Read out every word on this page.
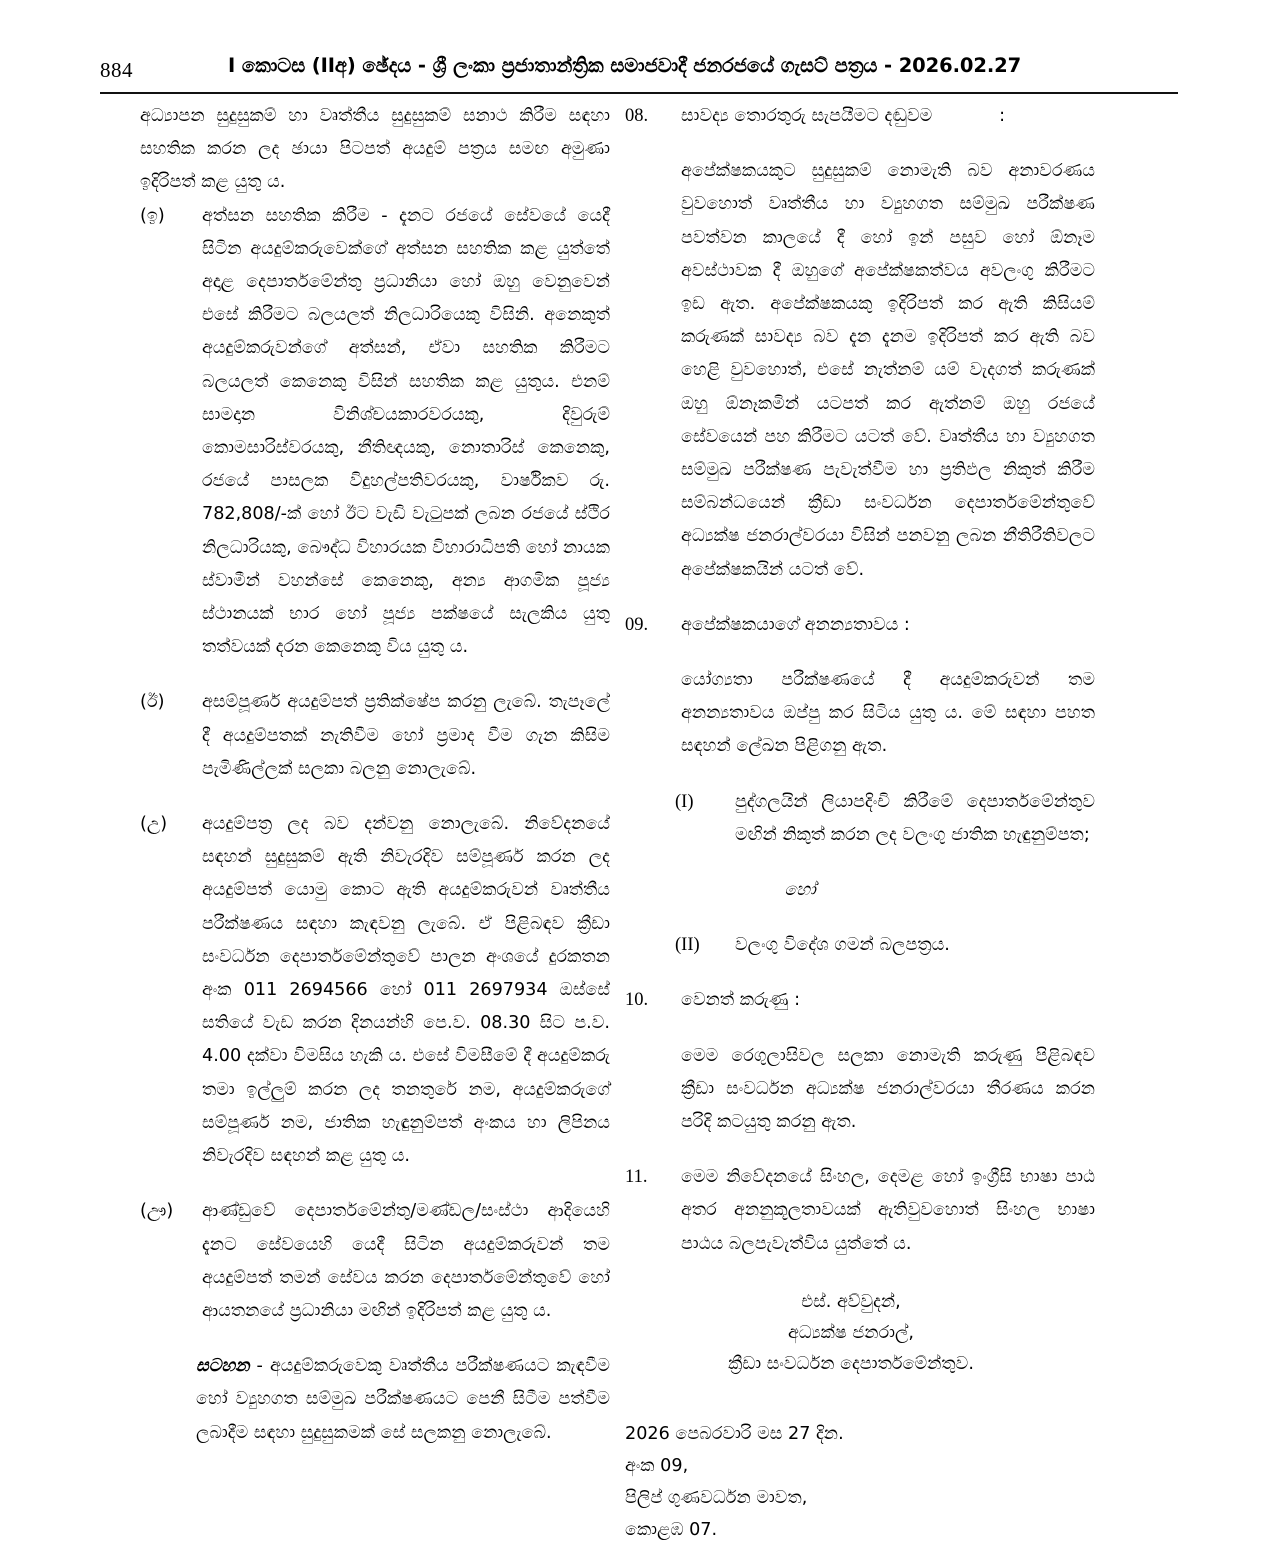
884	I කොටස (IIඅ) ඡේදය - ශ්‍රී ලංකා ප්‍රජාතාන්ත්‍රික සමාජවාදී ජනරජයේ ගැසට් පත්‍රය - 2026.02.27

අධ්‍යාපන සුදුසුකම් හා වෘත්තීය සුදුසුකම් සනාථ කිරීම සඳහා සහතික කරන ලද ඡායා පිටපත් අයදුම් පත්‍රය සමඟ අමුණා ඉදිරිපත් කළ යුතු ය.

(ඉ)	අත්සන සහතික කිරීම - දැනට රජයේ සේවයේ යෙදී සිටින අයදුම්කරුවෙක්ගේ අත්සන සහතික කළ යුත්තේ අදාළ දෙපාර්තමේන්තු ප්‍රධානියා හෝ ඔහු වෙනුවෙන් එසේ කිරීමට බලයලත් නිලධාරියෙකු විසිනි. අනෙකුත් අයදුම්කරුවන්ගේ අත්සන්, ඒවා සහතික කිරීමට බලයලත් කෙනෙකු විසින් සහතික කළ යුතුය. එනම් සාමදාන විනිශ්චයකාරවරයකු, දිවුරුම් කොමසාරිස්වරයකු, නීතිඥයකු, නොතාරිස් කෙනෙකු, රජයේ පාසලක විදුහල්පතිවරයකු, වාර්ෂිකව රු. 782,808/-ක් හෝ ඊට වැඩි වැටුපක් ලබන රජයේ ස්ථිර නිලධාරියකු, බෞද්ධ විහාරයක විහාරාධිපති හෝ නායක ස්වාමීන් වහන්සේ කෙනෙකු, අන්‍ය ආගමික පූජ්‍ය ස්ථානයක් භාර හෝ පූජ්‍ය පක්ෂයේ සැලකිය යුතු තත්වයක් දරන කෙනෙකු විය යුතු ය.
(ඊ)	අසම්පූර්ණ අයදුම්පත් ප්‍රතික්ෂේප කරනු ලැබේ. තැපෑලේ දී අයදුම්පතක් නැතිවීම හෝ ප්‍රමාද වීම ගැන කිසිම පැමිණිල්ලක් සලකා බලනු නොලැබේ.
(උ)	අයදුම්පත්‍ර ලද බව දන්වනු නොලැබේ. නිවේදනයේ සඳහන් සුදුසුකම් ඇති නිවැරදිව සම්පූර්ණ කරන ලද අයදුම්පත් යොමු කොට ඇති අයදුම්කරුවන් වෘත්තීය පරීක්ෂණය සඳහා කැඳවනු ලැබේ. ඒ පිළිබඳව ක්‍රීඩා සංවර්ධන දෙපාර්තමේන්තුවේ පාලන අංශයේ දුරකතන අංක 011 2694566 හෝ 011 2697934 ඔස්සේ සතියේ වැඩ කරන දිනයන්හි පෙ.ව. 08.30 සිට ප.ව. 4.00 දක්වා විමසිය හැකි ය. එසේ විමසීමේ දී අයදුම්කරු තමා ඉල්ලුම් කරන ලද තනතුරේ නම, අයදුම්කරුගේ සම්පූර්ණ නම, ජාතික හැඳුනුම්පත් අංකය හා ලිපිනය නිවැරදිව සඳහන් කළ යුතු ය.
(ඌ)	ආණ්ඩුවේ දෙපාර්තමේන්තු/මණ්ඩල/සංස්ථා ආදියෙහි දැනට සේවයෙහි යෙදී සිටින අයදුම්කරුවන් තම අයදුම්පත් තමන් සේවය කරන දෙපාර්තමේන්තුවේ හෝ ආයතනයේ ප්‍රධානියා මඟින් ඉදිරිපත් කළ යුතු ය.

සටහන - අයදුම්කරුවෙකු වෘත්තීය පරීක්ෂණයට කැඳවීම හෝ ව්‍යුහගත සම්මුඛ පරීක්ෂණයට පෙනී සිටීම පත්වීම ලබාදීම සඳහා සුදුසුකමක් සේ සලකනු නොලැබේ.

08.	සාවද්‍ය තොරතුරු සැපයීමට දඬුවම	:

අපේක්ෂකයකුට සුදුසුකම් නොමැති බව අනාවරණය වුවහොත් වෘත්තීය හා ව්‍යුහගත සම්මුඛ පරීක්ෂණ පවත්වන කාලයේ දී හෝ ඉන් පසුව හෝ ඕනෑම අවස්ථාවක දී ඔහුගේ අපේක්ෂකත්වය අවලංගු කිරීමට ඉඩ ඇත. අපේක්ෂකයකු ඉදිරිපත් කර ඇති කිසියම් කරුණක් සාවද්‍ය බව දැන දැනම ඉදිරිපත් කර ඇති බව හෙළි වුවහොත්, එසේ නැත්නම් යම් වැදගත් කරුණක් ඔහු ඕනෑකමින් යටපත් කර ඇත්නම් ඔහු රජයේ සේවයෙන් පහ කිරීමට යටත් වේ. වෘත්තීය හා ව්‍යුහගත සම්මුඛ පරීක්ෂණ පැවැත්වීම හා ප්‍රතිඵල නිකුත් කිරීම සම්බන්ධයෙන් ක්‍රීඩා සංවර්ධන දෙපාර්තමේන්තුවේ අධ්‍යක්ෂ ජනරාල්වරයා විසින් පනවනු ලබන නීතිරීතිවලට අපේක්ෂකයින් යටත් වේ.

09.	අපේක්ෂකයාගේ අනන්‍යතාවය :

යෝග්‍යතා පරීක්ෂණයේ දී අයදුම්කරුවන් තම අනන්‍යතාවය ඔප්පු කර සිටිය යුතු ය. මේ සඳහා පහත සඳහන් ලේඛන පිළිගනු ඇත.

(I)	පුද්ගලයින් ලියාපදිංචි කිරීමේ දෙපාර්තමේන්තුව මඟින් නිකුත් කරන ලද වලංගු ජාතික හැඳුනුම්පත;

හෝ

(II)	වලංගු විදේශ ගමන් බලපත්‍රය.
10.	වෙනත් කරුණු :

මෙම රෙගුලාසිවල සලකා නොමැති කරුණු පිළිබඳව ක්‍රීඩා සංවර්ධන අධ්‍යක්ෂ ජනරාල්වරයා තීරණය කරන පරිදි කටයුතු කරනු ඇත.

11.	මෙම නිවේදනයේ සිංහල, දෙමළ හෝ ඉංග්‍රීසි භාෂා පාඨ අතර අනනුකූලතාවයක් ඇතිවුවහොත් සිංහල භාෂා පාඨය බලපැවැත්විය යුත්තේ ය.
එස්. අව්වුදන්,
අධ්‍යක්ෂ ජනරාල්,
ක්‍රීඩා සංවර්ධන දෙපාර්තමේන්තුව.
2026 පෙබරවාරි මස 27 දින.
අංක 09,
පිලිප් ගුණවර්ධන මාවත,
කොළඹ 07.
